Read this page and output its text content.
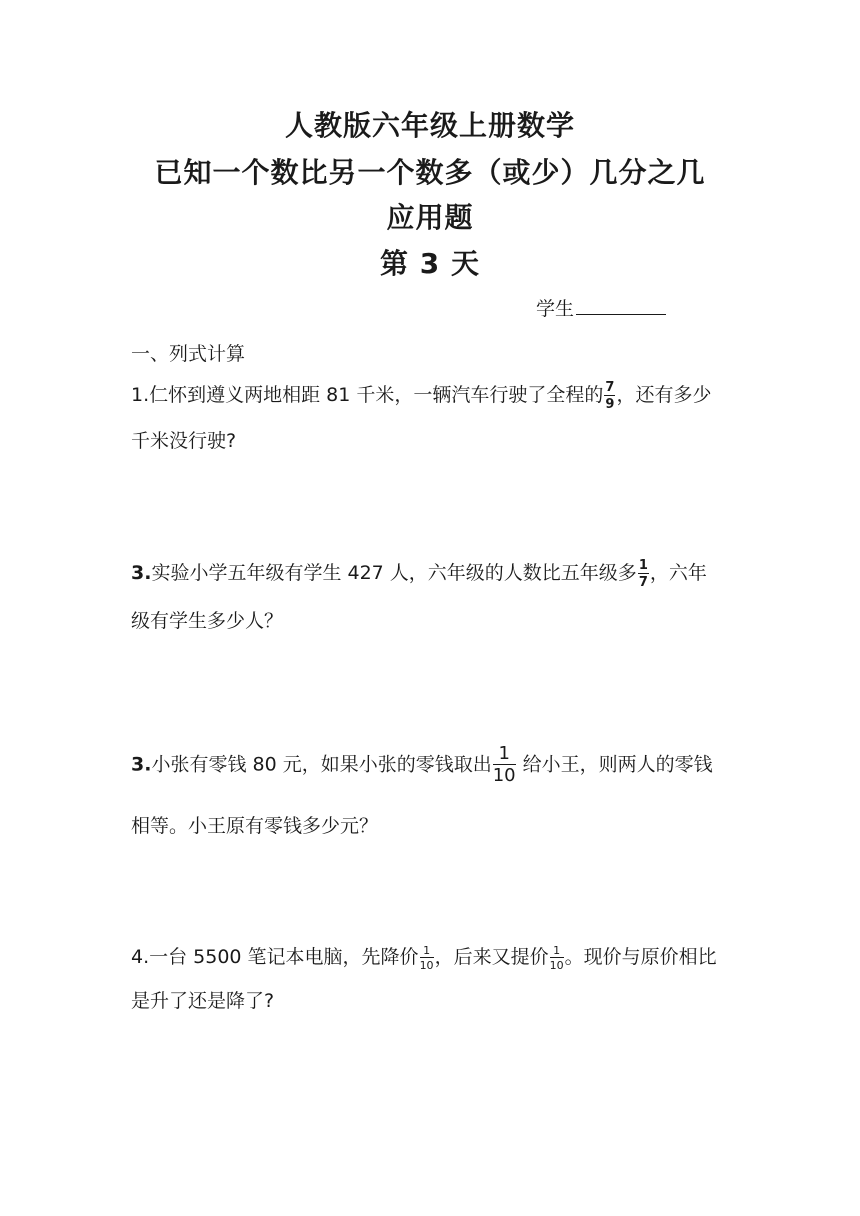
人教版六年级上册数学
已知一个数比另一个数多（或少）几分之几
应用题
第 3 天
学生
一、列式计算
1.仁怀到遵义两地相距 81 千米，一辆汽车行驶了全程的 $\frac{7}{9}$ ，还有多少
千米没行驶?
3.实验小学五年级有学生 427 人，六年级的人数比五年级多 $\frac{1}{7}$ ，六年
级有学生多少人？
3.小张有零钱 80 元，如果小张的零钱取出 $\frac{1}{10}$ 给小王，则两人的零钱
相等。小王原有零钱多少元？
4.一台 5500 笔记本电脑，先降价 $\frac{1}{10}$ ，后来又提价 $\frac{1}{10}$ 。现价与原价相比
是升了还是降了?
